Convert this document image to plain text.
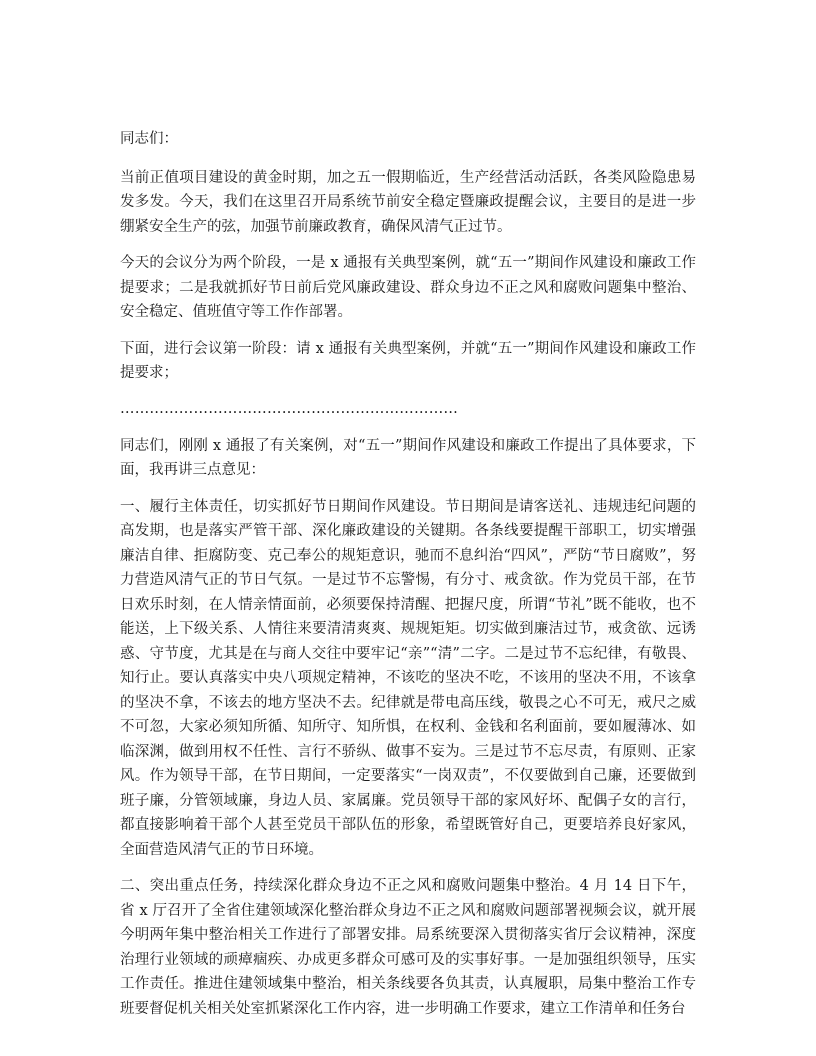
同志们：

当前正值项目建设的黄金时期，加之五一假期临近，生产经营活动活跃，各类风险隐患易发多发。今天，我们在这里召开局系统节前安全稳定暨廉政提醒会议，主要目的是进一步绷紧安全生产的弦，加强节前廉政教育，确保风清气正过节。

今天的会议分为两个阶段，一是 x 通报有关典型案例，就“五一”期间作风建设和廉政工作提要求；二是我就抓好节日前后党风廉政建设、群众身边不正之风和腐败问题集中整治、安全稳定、值班值守等工作作部署。

下面，进行会议第一阶段：请 x 通报有关典型案例，并就“五一”期间作风建设和廉政工作提要求；

……………………………………………………………

同志们，刚刚 x 通报了有关案例，对“五一”期间作风建设和廉政工作提出了具体要求，下面，我再讲三点意见：

一、履行主体责任，切实抓好节日期间作风建设。节日期间是请客送礼、违规违纪问题的高发期，也是落实严管干部、深化廉政建设的关键期。各条线要提醒干部职工，切实增强廉洁自律、拒腐防变、克己奉公的规矩意识，驰而不息纠治“四风”，严防“节日腐败”，努力营造风清气正的节日气氛。一是过节不忘警惕，有分寸、戒贪欲。作为党员干部，在节日欢乐时刻，在人情亲情面前，必须要保持清醒、把握尺度，所谓“节礼”既不能收，也不能送，上下级关系、人情往来要清清爽爽、规规矩矩。切实做到廉洁过节，戒贪欲、远诱惑、守节度，尤其是在与商人交往中要牢记“亲”“清”二字。二是过节不忘纪律，有敬畏、知行止。要认真落实中央八项规定精神，不该吃的坚决不吃，不该用的坚决不用，不该拿的坚决不拿，不该去的地方坚决不去。纪律就是带电高压线，敬畏之心不可无，戒尺之威不可忽，大家必须知所循、知所守、知所惧，在权利、金钱和名利面前，要如履薄冰、如临深渊，做到用权不任性、言行不骄纵、做事不妄为。三是过节不忘尽责，有原则、正家风。作为领导干部，在节日期间，一定要落实“一岗双责”，不仅要做到自己廉，还要做到班子廉，分管领域廉，身边人员、家属廉。党员领导干部的家风好坏、配偶子女的言行，都直接影响着干部个人甚至党员干部队伍的形象，希望既管好自己，更要培养良好家风，全面营造风清气正的节日环境。

二、突出重点任务，持续深化群众身边不正之风和腐败问题集中整治。4 月 14 日下午，省 x 厅召开了全省住建领域深化整治群众身边不正之风和腐败问题部署视频会议，就开展今明两年集中整治相关工作进行了部署安排。局系统要深入贯彻落实省厅会议精神，深度治理行业领域的顽瘴痼疾、办成更多群众可感可及的实事好事。一是加强组织领导，压实工作责任。推进住建领域集中整治，相关条线要各负其责，认真履职，局集中整治工作专班要督促机关相关处室抓紧深化工作内容，进一步明确工作要求，建立工作清单和任务台
